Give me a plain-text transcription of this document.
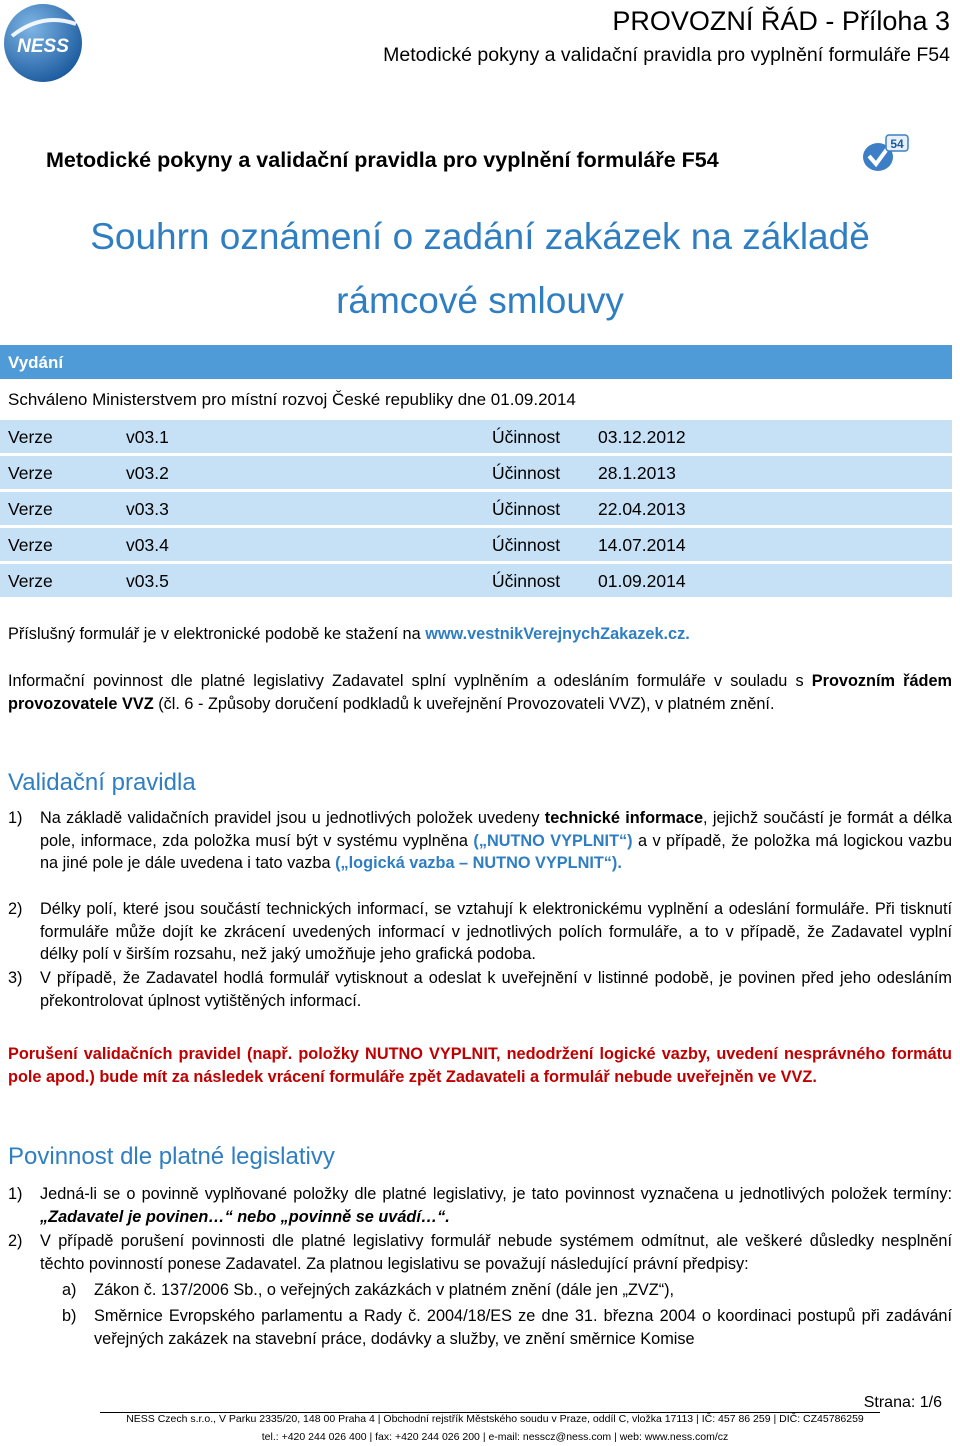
NESS
PROVOZNÍ ŘÁD - Příloha 3
Metodické pokyny a validační pravidla pro vyplnění formuláře F54
Metodické pokyny a validační pravidla pro vyplnění formuláře F54
54
Souhrn oznámení o zadání zakázek na základě
rámcové smlouvy
Vydání
Schváleno Ministerstvem pro místní rozvoj České republiky dne 01.09.2014
Verze	v03.1	Účinnost 03.12.2012
Verze	v03.2	Účinnost 28.1.2013
Verze	v03.3	Účinnost 22.04.2013
Verze	v03.4	Účinnost 14.07.2014
Verze	v03.5	Účinnost 01.09.2014
Příslušný formulář je v elektronické podobě ke stažení na www.vestnikVerejnychZakazek.cz.
Informační povinnost dle platné legislativy Zadavatel splní vyplněním a odesláním formuláře v souladu s Provozním řádem provozovatele VVZ (čl. 6 - Způsoby doručení podkladů k uveřejnění Provozovateli VVZ), v platném znění.
Validační pravidla
1) Na základě validačních pravidel jsou u jednotlivých položek uvedeny technické informace, jejichž součástí je formát a délka pole, informace, zda položka musí být v systému vyplněna („NUTNO VYPLNIT“) a v případě, že položka má logickou vazbu na jiné pole je dále uvedena i tato vazba („logická vazba – NUTNO VYPLNIT“).
2) Délky polí, které jsou součástí technických informací, se vztahují k elektronickému vyplnění a odeslání formuláře. Při tisknutí formuláře může dojít ke zkrácení uvedených informací v jednotlivých polích formuláře, a to v případě, že Zadavatel vyplní délky polí v širším rozsahu, než jaký umožňuje jeho grafická podoba.
3) V případě, že Zadavatel hodlá formulář vytisknout a odeslat k uveřejnění v listinné podobě, je povinen před jeho odesláním překontrolovat úplnost vytištěných informací.
Porušení validačních pravidel (např. položky NUTNO VYPLNIT, nedodržení logické vazby, uvedení nesprávného formátu pole apod.) bude mít za následek vrácení formuláře zpět Zadavateli a formulář nebude uveřejněn ve VVZ.
Povinnost dle platné legislativy
1) Jedná-li se o povinně vyplňované položky dle platné legislativy, je tato povinnost vyznačena u jednotlivých položek termíny: „Zadavatel je povinen…“ nebo „povinně se uvádí…“.
2) V případě porušení povinnosti dle platné legislativy formulář nebude systémem odmítnut, ale veškeré důsledky nesplnění těchto povinností ponese Zadavatel. Za platnou legislativu se považují následující právní předpisy:
a) Zákon č. 137/2006 Sb., o veřejných zakázkách v platném znění (dále jen „ZVZ“),
b) Směrnice Evropského parlamentu a Rady č. 2004/18/ES ze dne 31. března 2004 o koordinaci postupů při zadávání veřejných zakázek na stavební práce, dodávky a služby, ve znění směrnice Komise
Strana: 1/6
NESS Czech s.r.o., V Parku 2335/20, 148 00 Praha 4 | Obchodní rejstřík Městského soudu v Praze, oddíl C, vložka 17113 | IČ: 457 86 259 | DIČ: CZ45786259
tel.: +420 244 026 400 | fax: +420 244 026 200 | e-mail: nesscz@ness.com | web: www.ness.com/cz
